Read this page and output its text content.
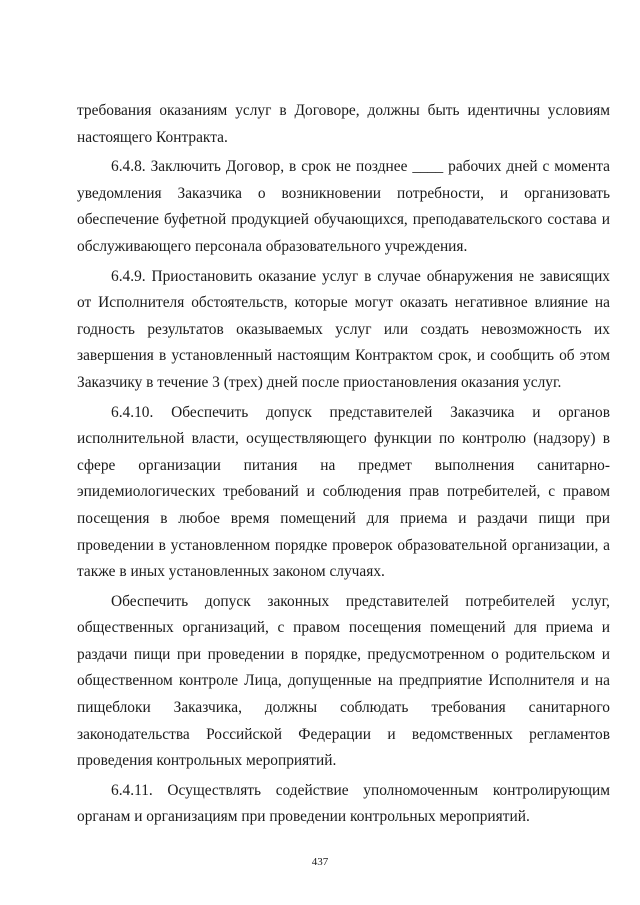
требования оказаниям услуг в Договоре, должны быть идентичны условиям настоящего Контракта.

6.4.8. Заключить Договор, в срок не позднее ____ рабочих дней с момента уведомления Заказчика о возникновении потребности, и организовать обеспечение буфетной продукцией обучающихся, преподавательского состава и обслуживающего персонала образовательного учреждения.

6.4.9. Приостановить оказание услуг в случае обнаружения не зависящих от Исполнителя обстоятельств, которые могут оказать негативное влияние на годность результатов оказываемых услуг или создать невозможность их завершения в установленный настоящим Контрактом срок, и сообщить об этом Заказчику в течение 3 (трех) дней после приостановления оказания услуг.

6.4.10. Обеспечить допуск представителей Заказчика и органов исполнительной власти, осуществляющего функции по контролю (надзору) в сфере организации питания на предмет выполнения санитарно-эпидемиологических требований и соблюдения прав потребителей, с правом посещения в любое время помещений для приема и раздачи пищи при проведении в установленном порядке проверок образовательной организации, а также в иных установленных законом случаях.

Обеспечить допуск законных представителей потребителей услуг, общественных организаций, с правом посещения помещений для приема и раздачи пищи при проведении в порядке, предусмотренном о родительском и общественном контроле Лица, допущенные на предприятие Исполнителя и на пищеблоки Заказчика, должны соблюдать требования санитарного законодательства Российской Федерации и ведомственных регламентов проведения контрольных мероприятий.

6.4.11. Осуществлять содействие уполномоченным контролирующим органам и организациям при проведении контрольных мероприятий.

437
